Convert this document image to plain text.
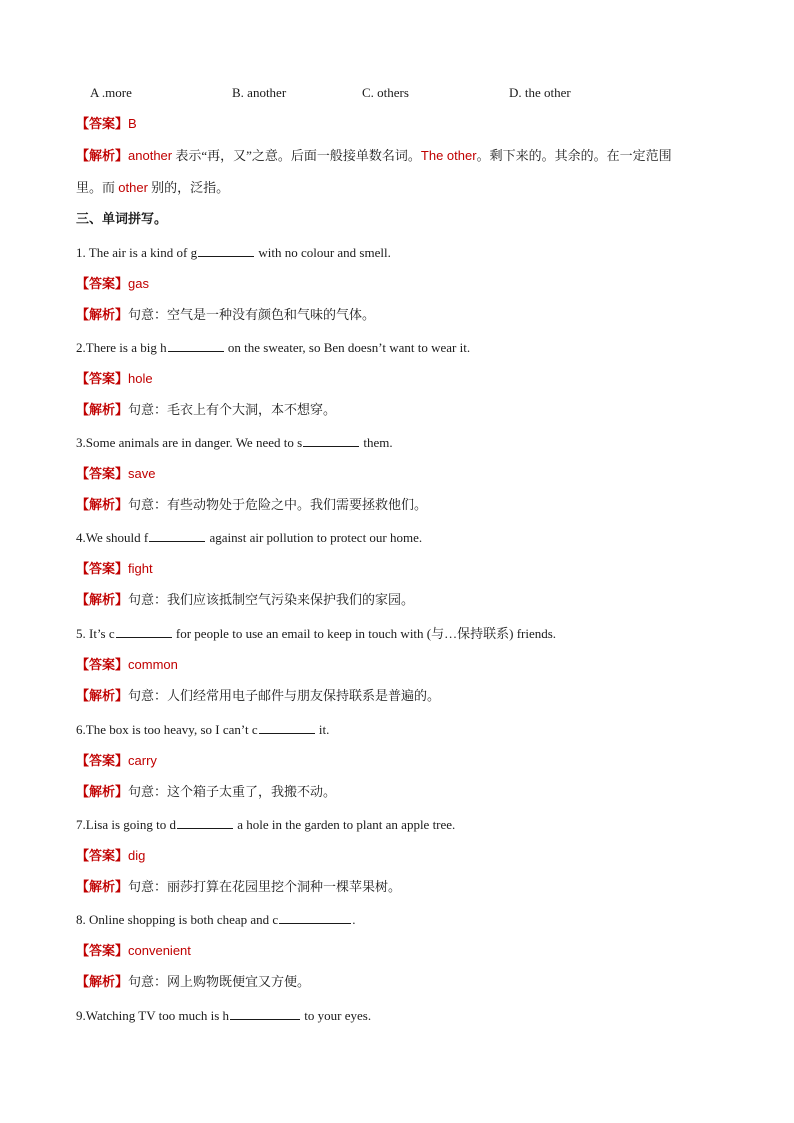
A .more	B. another	C. others	D. the other
【答案】B
【解析】another 表示“再，又”之意。后面一般接单数名词。The other。剩下来的。其余的。在一定范围
里。而 other 别的，泛指。
三、单词拼写。
1. The air is a kind of g	with no colour and smell.
【答案】gas
【解析】句意：空气是一种没有颜色和气味的气体。
2.There is a big h	on the sweater, so Ben doesn’t want to wear it.
【答案】hole
【解析】句意：毛衣上有个大洞，本不想穿。
3.Some animals are in danger. We need to s	them.
【答案】save
【解析】句意：有些动物处于危险之中。我们需要拯救他们。
4.We should f	against air pollution to protect our home.
【答案】fight
【解析】句意：我们应该抵制空气污染来保护我们的家园。
5. It’s c	for people to use an email to keep in touch with (与…保持联系) friends.
【答案】common
【解析】句意：人们经常用电子邮件与朋友保持联系是普遍的。
6.The box is too heavy, so I can’t c	it.
【答案】carry
【解析】句意：这个箱子太重了，我搬不动。
7.Lisa is going to d	a hole in the garden to plant an apple tree.
【答案】dig
【解析】句意：丽莎打算在花园里挖个洞种一棵苹果树。
8. Online shopping is both cheap and c	.
【答案】convenient
【解析】句意：网上购物既便宜又方便。
9.Watching TV too much is h	to your eyes.
